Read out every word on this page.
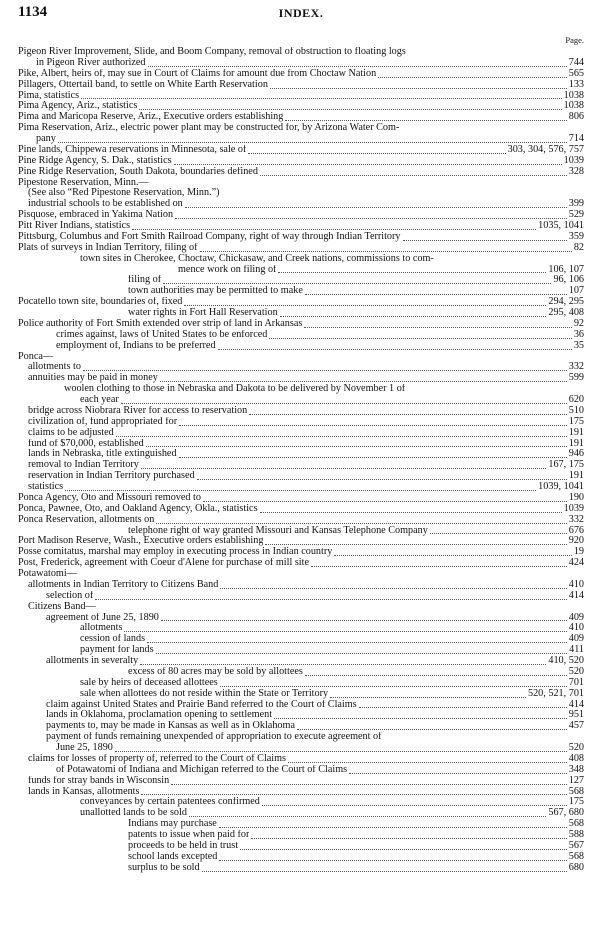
1134	INDEX.
Page.
Pigeon River Improvement, Slide, and Boom Company, removal of obstruction to floating logs
in Pigeon River authorized	744
Pike, Albert, heirs of, may sue in Court of Claims for amount due from Choctaw Nation	565
Pillagers, Ottertail band, to settle on White Earth Reservation	133
Pima, statistics	1038
Pima Agency, Ariz., statistics	1038
Pima and Maricopa Reserve, Ariz., Executive orders establishing	806
Pima Reservation, Ariz., electric power plant may be constructed for, by Arizona Water Com-
pany	714
Pine lands, Chippewa reservations in Minnesota, sale of	303, 304, 576, 757
Pine Ridge Agency, S. Dak., statistics	1039
Pine Ridge Reservation, South Dakota, boundaries defined	328
Pipestone Reservation, Minn.—
(See also “Red Pipestone Reservation, Minn.”)
industrial schools to be established on	399
Pisquose, embraced in Yakima Nation	529
Pitt River Indians, statistics	1035, 1041
Pittsburg, Columbus and Fort Smith Railroad Company, right of way through Indian Territory	359
Plats of surveys in Indian Territory, filing of	82
town sites in Cherokee, Choctaw, Chickasaw, and Creek nations, commissions to com-
mence work on filing of	106, 107
filing of	96, 106
town authorities may be permitted to make	107
Pocatello town site, boundaries of, fixed	294, 295
water rights in Fort Hall Reservation	295, 408
Police authority of Fort Smith extended over strip of land in Arkansas	92
crimes against, laws of United States to be enforced	36
employment of, Indians to be preferred	35
Ponca—
allotments to	332
annuities may be paid in money	599
woolen clothing to those in Nebraska and Dakota to be delivered by November 1 of
each year	620
bridge across Niobrara River for access to reservation	510
civilization of, fund appropriated for	175
claims to be adjusted	191
fund of $70,000, established	191
lands in Nebraska, title extinguished	946
removal to Indian Territory	167, 175
reservation in Indian Territory purchased	191
statistics	1039, 1041
Ponca Agency, Oto and Missouri removed to	190
Ponca, Pawnee, Oto, and Oakland Agency, Okla., statistics	1039
Ponca Reservation, allotments on	332
telephone right of way granted Missouri and Kansas Telephone Company	676
Port Madison Reserve, Wash., Executive orders establishing	920
Posse comitatus, marshal may employ in executing process in Indian country	19
Post, Frederick, agreement with Coeur d'Alene for purchase of mill site	424
Potawatomi—
allotments in Indian Territory to Citizens Band	410
selection of	414
Citizens Band—
agreement of June 25, 1890	409
allotments	410
cession of lands	409
payment for lands	411
allotments in severalty	410, 520
excess of 80 acres may be sold by allottees	520
sale by heirs of deceased allottees	701
sale when allottees do not reside within the State or Territory	520, 521, 701
claim against United States and Prairie Band referred to the Court of Claims	414
lands in Oklahoma, proclamation opening to settlement	951
payments to, may be made in Kansas as well as in Oklahoma	457
payment of funds remaining unexpended of appropriation to execute agreement of
June 25, 1890	520
claims for losses of property of, referred to the Court of Claims	408
of Potawatomi of Indiana and Michigan referred to the Court of Claims	348
funds for stray bands in Wisconsin	127
lands in Kansas, allotments	568
conveyances by certain patentees confirmed	175
unallotted lands to be sold	567, 680
Indians may purchase	568
patents to issue when paid for	588
proceeds to be held in trust	567
school lands excepted	568
surplus to be sold	680
